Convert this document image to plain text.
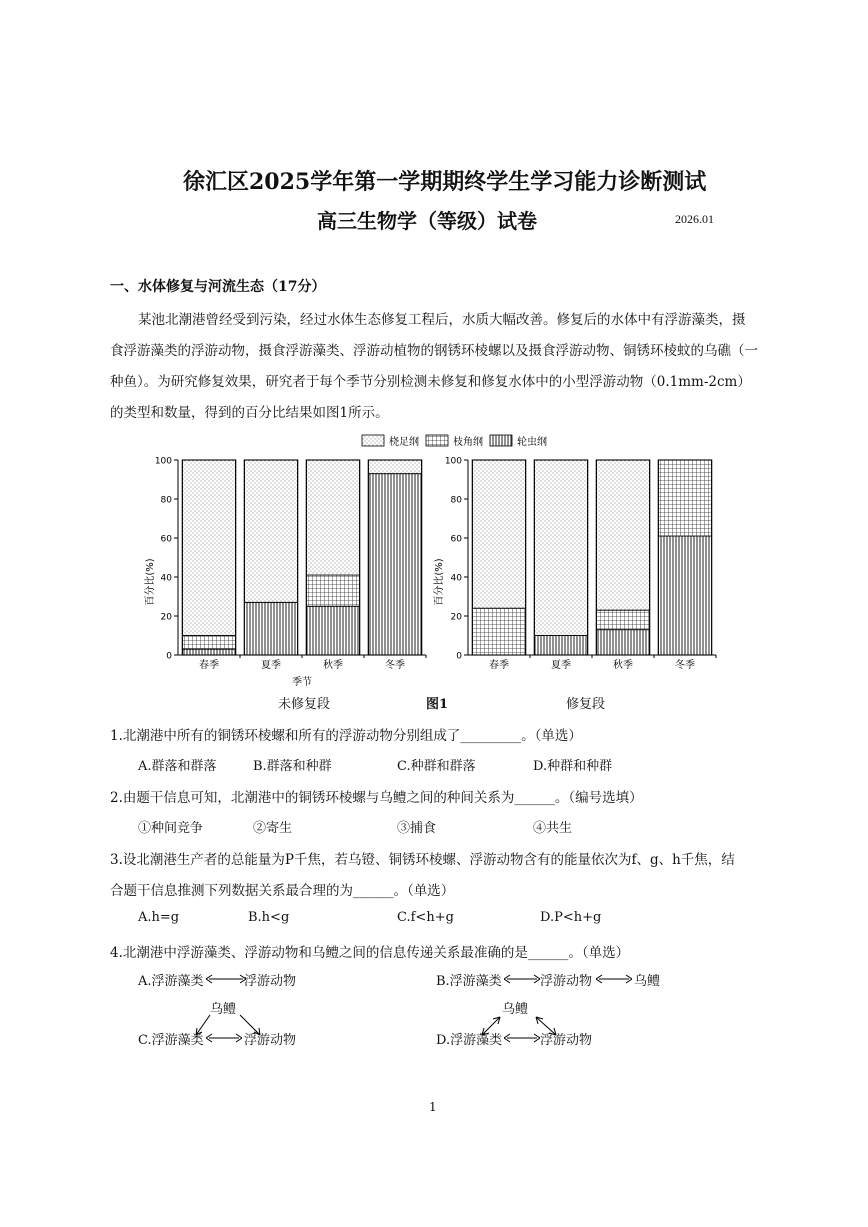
徐汇区2025学年第一学期期终学生学习能力诊断测试
高三生物学（等级）试卷	2026.01
一、水体修复与河流生态（17分）
某池北潮港曾经受到污染，经过水体生态修复工程后，水质大幅改善。修复后的水体中有浮游藻类，摄
食浮游藻类的浮游动物，摄食浮游藻类、浮游动植物的钢锈环棱螺以及摄食浮游动物、铜锈环棱蚊的乌礁（一
种鱼）。为研究修复效果，研究者于每个季节分别检测未修复和修复水体中的小型浮游动物（0.1mm-2cm）
的类型和数量，得到的百分比结果如图1所示。
桡足纲	枝角纲	轮虫纲
0
20
40
60
80
100
春季	夏季	秋季	冬季
百分比(%)
季节
0
20
40
60
80
100
春季	夏季	秋季	冬季
百分比(%)
未修复段	图1	修复段
1.北潮港中所有的铜锈环棱螺和所有的浮游动物分别组成了_________。（单选）
A.群落和群落	B.群落和种群	C.种群和群落	D.种群和种群
2.由题干信息可知，北潮港中的铜锈环棱螺与乌鳢之间的种间关系为______。（编号选填）
①种间竞争	②寄生	③捕食	④共生
3.设北潮港生产者的总能量为P千焦，若乌镫、铜锈环棱螺、浮游动物含有的能量依次为f、g、h千焦，结
合题干信息推测下列数据关系最合理的为______。（单选）
A.h=g	B.h<g	C.f<h+g	D.P<h+g
4.北潮港中浮游藻类、浮游动物和乌鳢之间的信息传递关系最准确的是______。（单选）
A.浮游藻类	浮游动物	B.浮游藻类	浮游动物	乌鳢
乌鳢
C.浮游藻类	浮游动物
乌鳢
D.浮游藻类	浮游动物
1
